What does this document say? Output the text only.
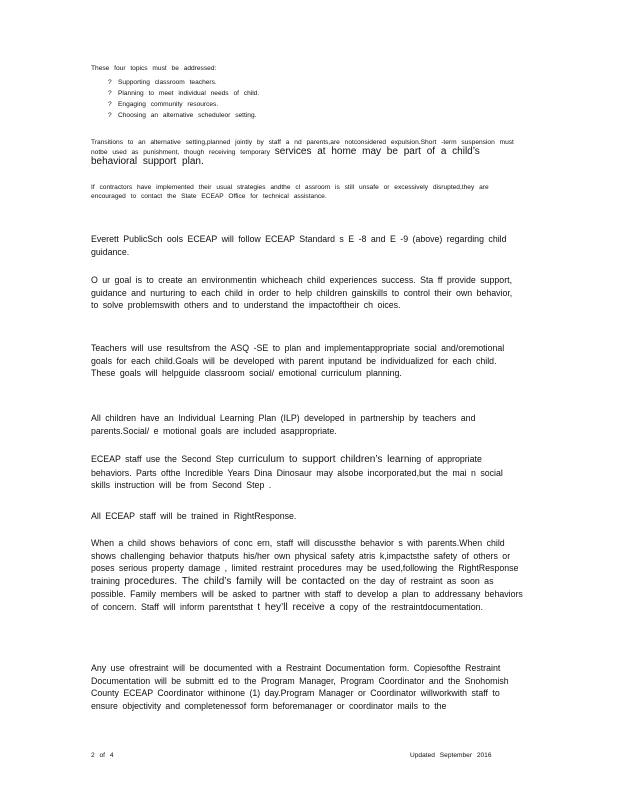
These four topics must be addressed:

? Supporting classroom teachers.
? Planning to meet individual needs of child.
? Engaging community resources.
? Choosing an alternative scheduleor setting.

Transitions to an alternative setting,planned jointly by staff a nd parents,are notconsidered expulsion.Short -term suspension must notbe used as punishment, though receiving temporary services at home may be part of a child’s behavioral support plan.

If contractors have implemented their usual strategies andthe cl assroom is still unsafe or excessively disrupted,they are encouraged to contact the State ECEAP Office for technical assistance.

Everett PublicSch ools ECEAP will follow ECEAP Standard s E -8 and E -9 (above) regarding child guidance.

O ur goal is to create an environmentin whicheach child experiences success. Sta ff provide support, guidance and nurturing to each child in order to help children gainskills to control their own behavior, to solve problemswith others and to understand the impactoftheir ch oices.

Teachers will use resultsfrom the ASQ -SE to plan and implementappropriate social and/oremotional goals for each child.Goals will be developed with parent inputand be individualized for each child. These goals will helpguide classroom social/ emotional curriculum planning.

All children have an Individual Learning Plan (ILP) developed in partnership by teachers and parents.Social/ e motional goals are included asappropriate.

ECEAP staff use the Second Step curriculum to support children’s learning of appropriate behaviors. Parts ofthe Incredible Years Dina Dinosaur may alsobe incorporated,but the mai n social skills instruction will be from Second Step .

All ECEAP staff will be trained in RightResponse.

When a child shows behaviors of conc ern, staff will discussthe behavior s with parents.When child shows challenging behavior thatputs his/her own physical safety atris k,impactsthe safety of others or poses serious property damage , limited restraint procedures may be used,following the RightResponse training procedures. The child’s family will be contacted on the day of restraint as soon as possible. Family members will be asked to partner with staff to develop a plan to addressany behaviors of concern. Staff will inform parentsthat t hey’ll receive a copy of the restraintdocumentation.

Any use ofrestraint will be documented with a Restraint Documentation form. Copiesofthe Restraint Documentation will be submitt ed to the Program Manager, Program Coordinator and the Snohomish County ECEAP Coordinator withinone (1) day.Program Manager or Coordinator willworkwith staff to ensure objectivity and completenessof form beforemanager or coordinator mails to the

2 of 4	Updated September 2016
